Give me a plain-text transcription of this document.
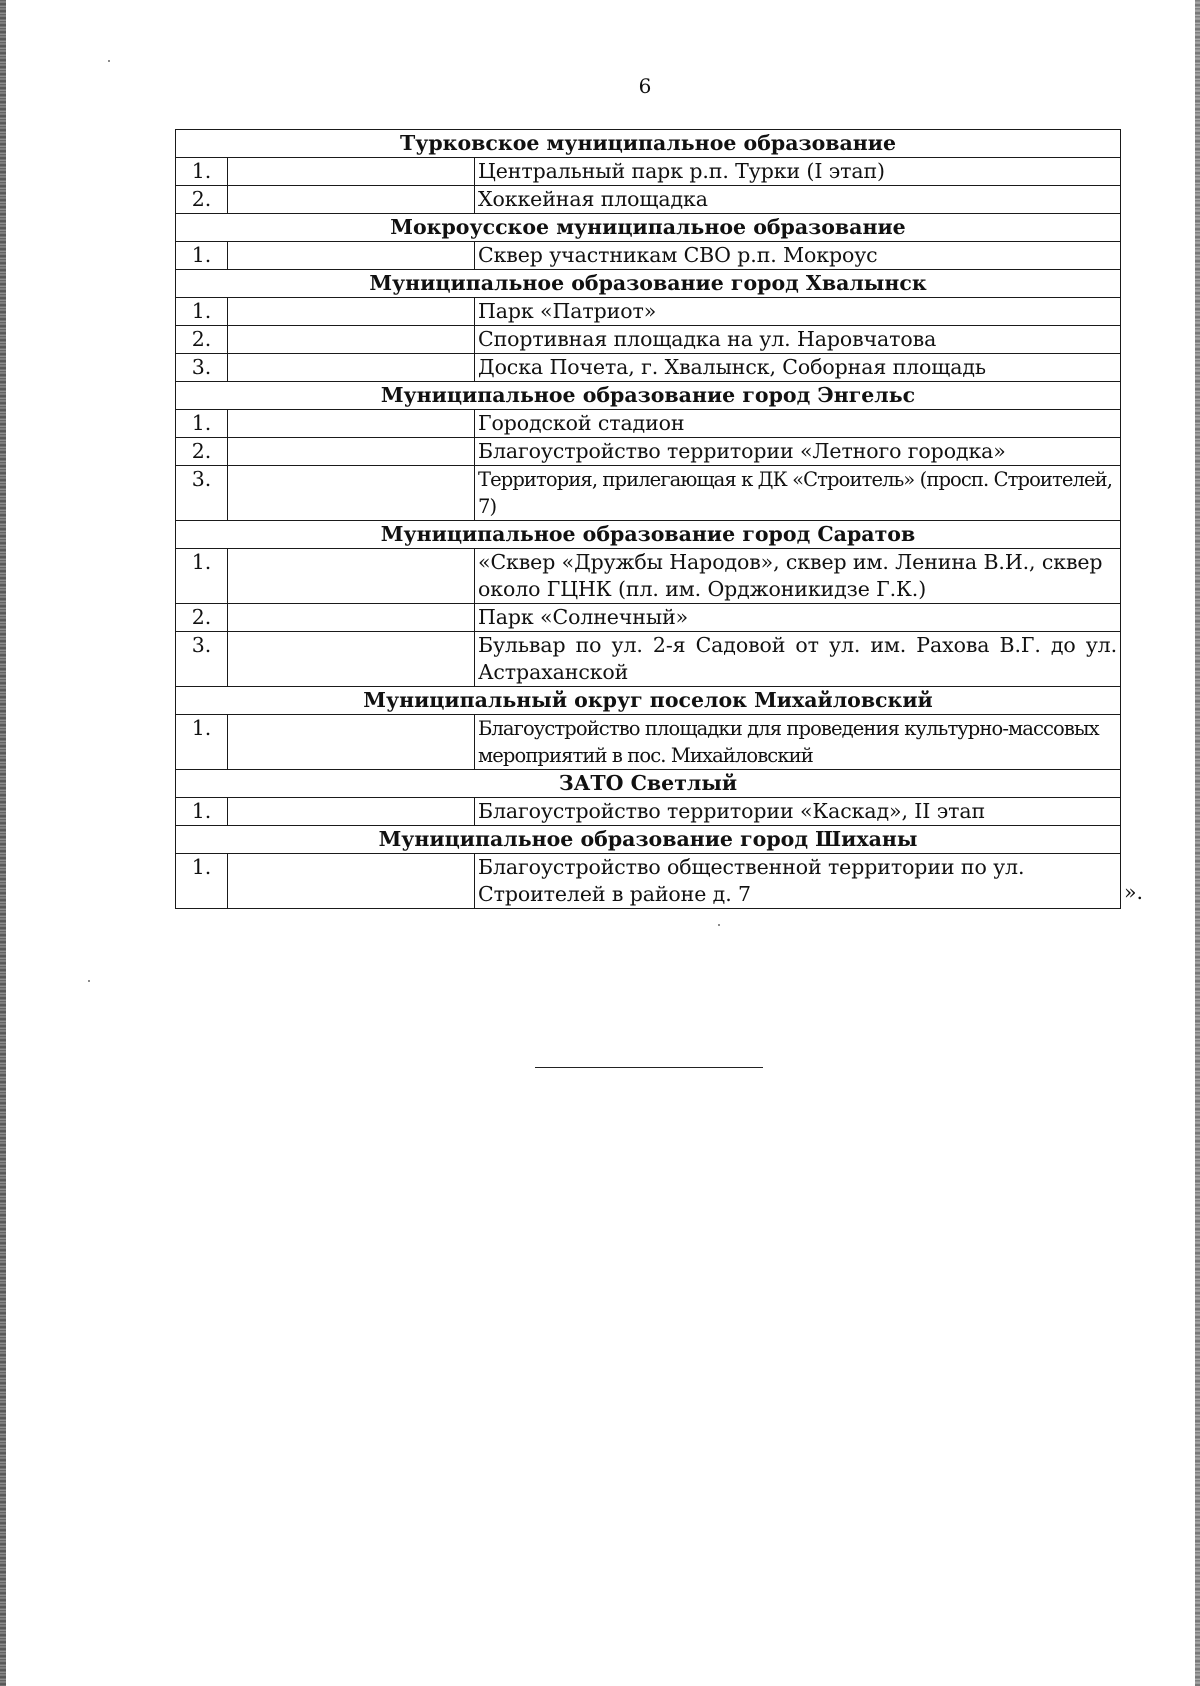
6
Турковское муниципальное образование		
1.		Центральный парк р.п. Турки (I этап)
2.		Хоккейная площадка
Мокроусское муниципальное образование		
1.		Сквер участникам СВО р.п. Мокроус
Муниципальное образование город Хвалынск		
1.		Парк «Патриот»
2.		Спортивная площадка на ул. Наровчатова
3.		Доска Почета, г. Хвалынск, Соборная площадь
Муниципальное образование город Энгельс		
1.		Городской стадион
2.		Благоустройство территории «Летного городка»
3.		Территория, прилегающая к ДК «Строитель» (просп. Строителей, 7)
Муниципальное образование город Саратов		
1.		«Сквер «Дружбы Народов», сквер им. Ленина В.И., сквер около ГЦНК (пл. им. Орджоникидзе Г.К.)
2.		Парк «Солнечный»
3.		Бульвар по ул. 2-я Садовой от ул. им. Рахова В.Г. до ул. Астраханской
Муниципальный округ поселок Михайловский		
1.		Благоустройство площадки для проведения культурно-массовых мероприятий в пос. Михайловский
ЗАТО Светлый		
1.		Благоустройство территории «Каскад», II этап
Муниципальное образование город Шиханы		
1.		Благоустройство общественной территории по ул. Строителей в районе д. 7	».
